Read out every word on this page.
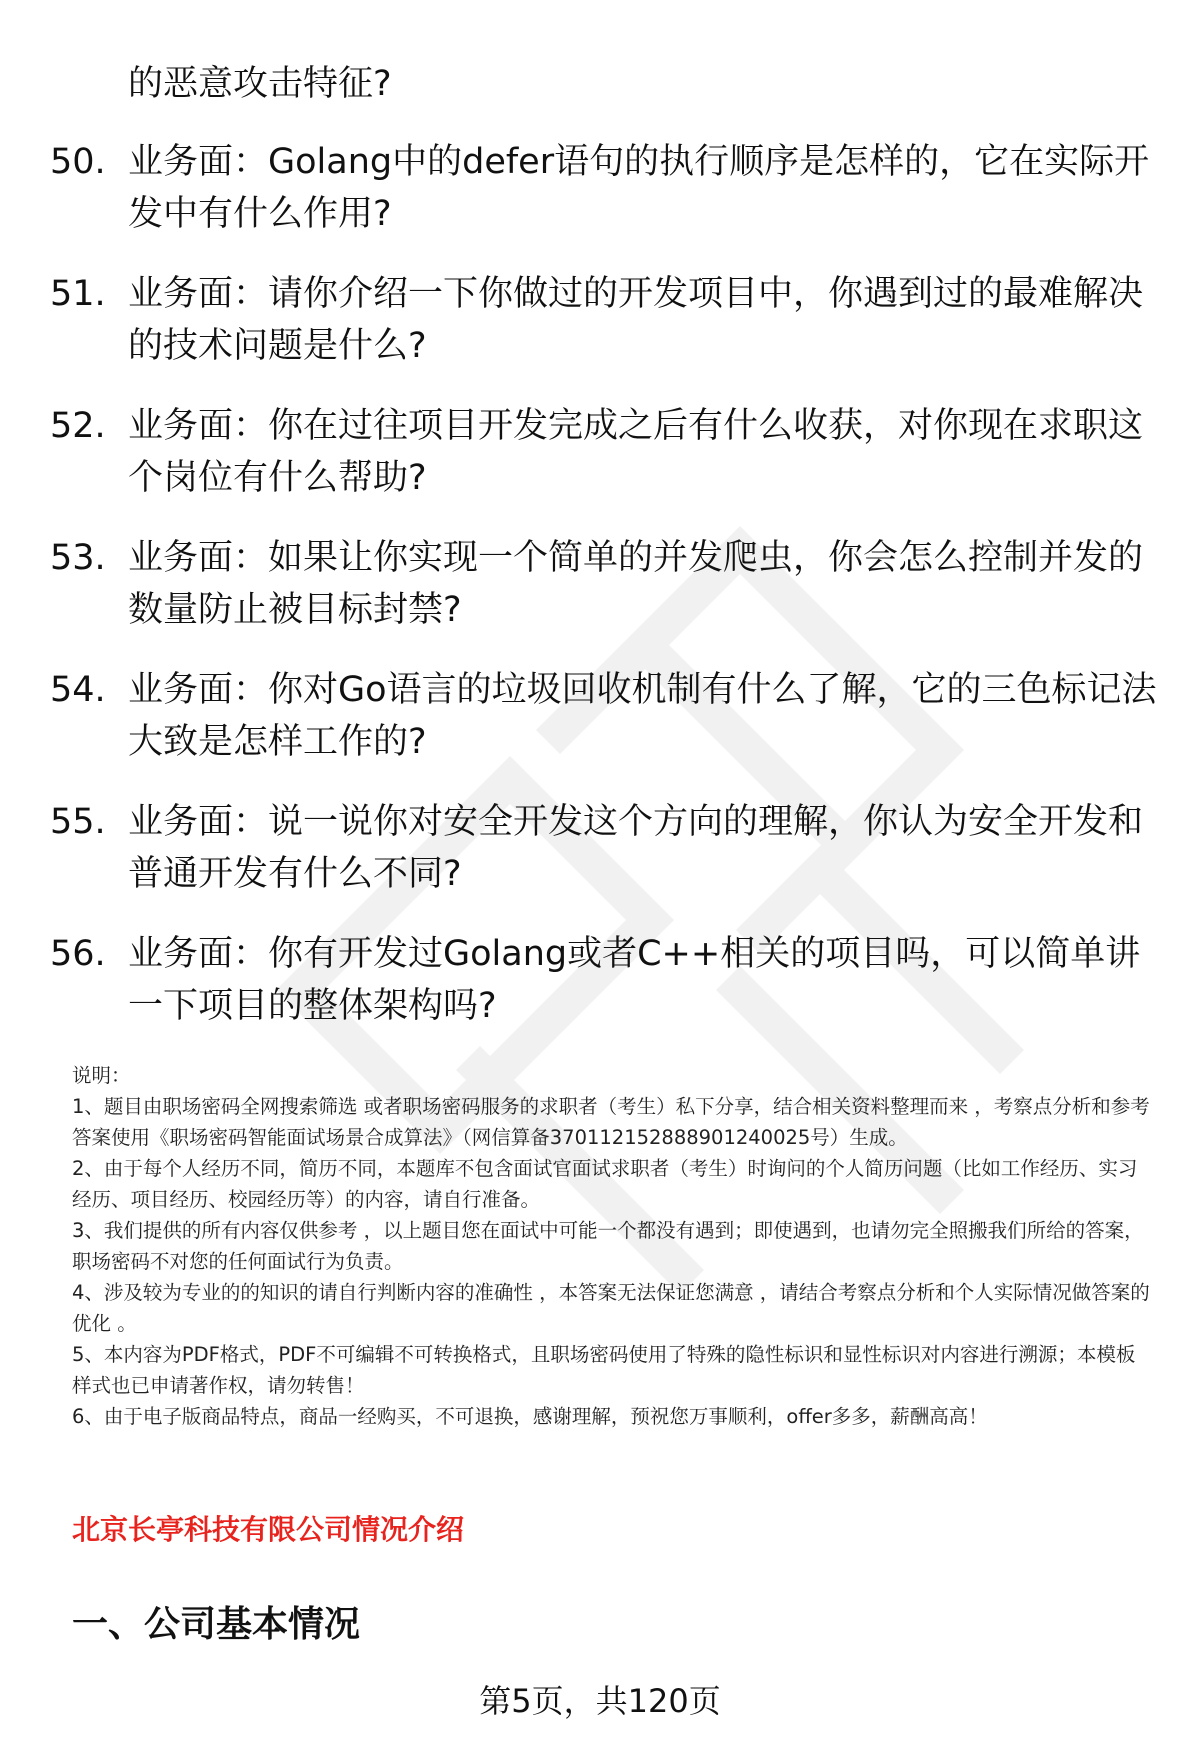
的恶意攻击特征?

50. 业务面：Golang中的defer语句的执行顺序是怎样的，它在实际开发中有什么作用?
51. 业务面：请你介绍一下你做过的开发项目中，你遇到过的最难解决的技术问题是什么?
52. 业务面：你在过往项目开发完成之后有什么收获，对你现在求职这个岗位有什么帮助?
53. 业务面：如果让你实现一个简单的并发爬虫，你会怎么控制并发的数量防止被目标封禁?
54. 业务面：你对Go语言的垃圾回收机制有什么了解，它的三色标记法大致是怎样工作的?
55. 业务面：说一说你对安全开发这个方向的理解，你认为安全开发和普通开发有什么不同?
56. 业务面：你有开发过Golang或者C++相关的项目吗，可以简单讲一下项目的整体架构吗?

说明：

1、题目由职场密码全网搜索筛选 或者职场密码服务的求职者（考生）私下分享，结合相关资料整理而来 ，考察点分析和参考答案使用《职场密码智能面试场景合成算法》（网信算备370112152888901240025号）生成。

2、由于每个人经历不同，简历不同，本题库不包含面试官面试求职者（考生）时询问的个人简历问题（比如工作经历、实习经历、项目经历、校园经历等）的内容，请自行准备。

3、我们提供的所有内容仅供参考 ，以上题目您在面试中可能一个都没有遇到；即使遇到，也请勿完全照搬我们所给的答案，职场密码不对您的任何面试行为负责。

4、涉及较为专业的的知识的请自行判断内容的准确性 ，本答案无法保证您满意 ，请结合考察点分析和个人实际情况做答案的优化 。

5、本内容为PDF格式，PDF不可编辑不可转换格式，且职场密码使用了特殊的隐性标识和显性标识对内容进行溯源；本模板样式也已申请著作权，请勿转售！

6、由于电子版商品特点，商品一经购买，不可退换，感谢理解，预祝您万事顺利，offer多多，薪酬高高！

北京长亭科技有限公司情况介绍

一、公司基本情况

第5页，共120页
